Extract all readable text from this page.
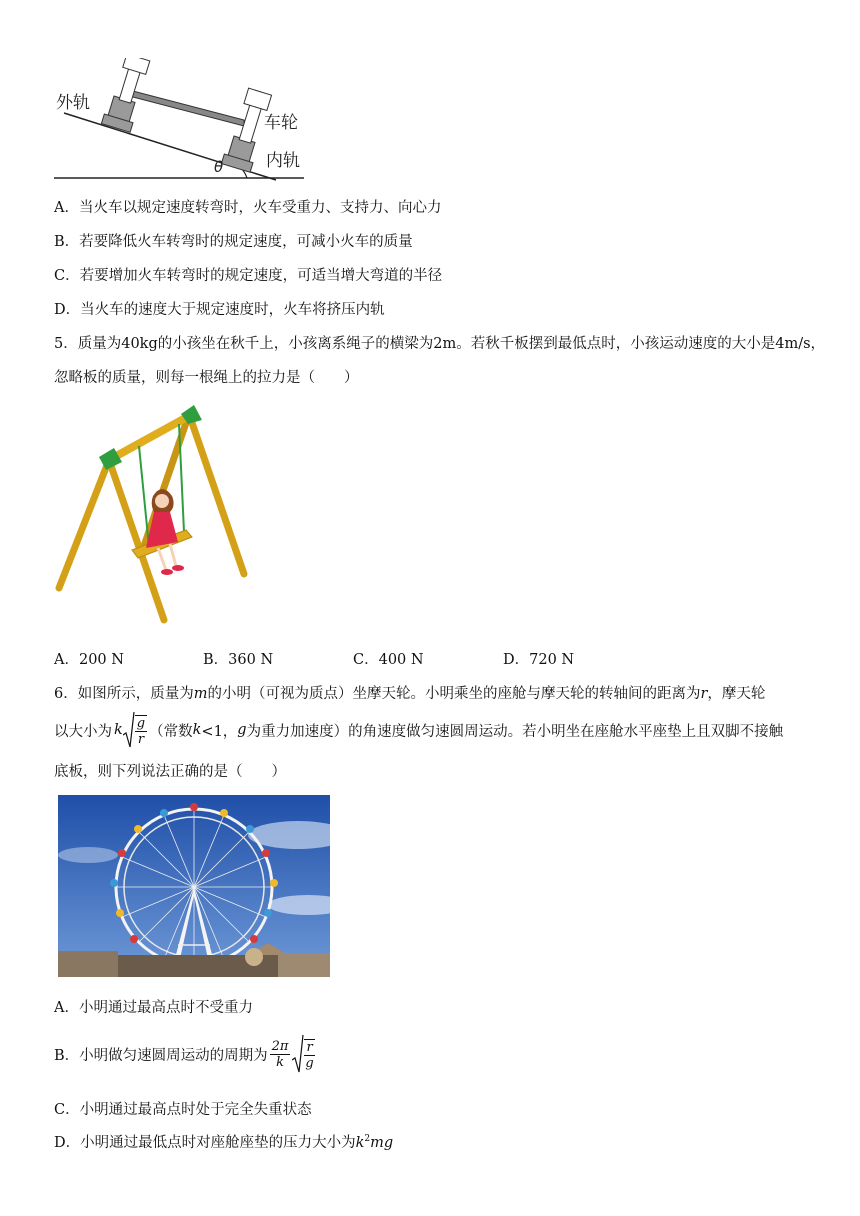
外轨
车轮
内轨
θ
A．当火车以规定速度转弯时，火车受重力、支持力、向心力
B．若要降低火车转弯时的规定速度，可减小火车的质量
C．若要增加火车转弯时的规定速度，可适当增大弯道的半径
D．当火车的速度大于规定速度时，火车将挤压内轨
5．质量为40kg的小孩坐在秋千上，小孩离系绳子的横梁为2m。若秋千板摆到最低点时，小孩运动速度的大小是4m/s，
忽略板的质量，则每一根绳上的拉力是（　　）
A．200 N	B．360 N	C．400 N	D．720 N
6．如图所示，质量为m的小明（可视为质点）坐摩天轮。小明乘坐的座舱与摩天轮的转轴间的距离为r，摩天轮
以大小为 k $\frac{g}{r}$ （常数 k <1， g 为重力加速度）的角速度做匀速圆周运动。若小明坐在座舱水平座垫上且双脚不接触
底板，则下列说法正确的是（　　）
A．小明通过最高点时不受重力
B．小明做匀速圆周运动的周期为 $\frac{2\pi}{k} \frac{r}{g}$
C．小明通过最高点时处于完全失重状态
D．小明通过最低点时对座舱座垫的压力大小为$k^2mg$
